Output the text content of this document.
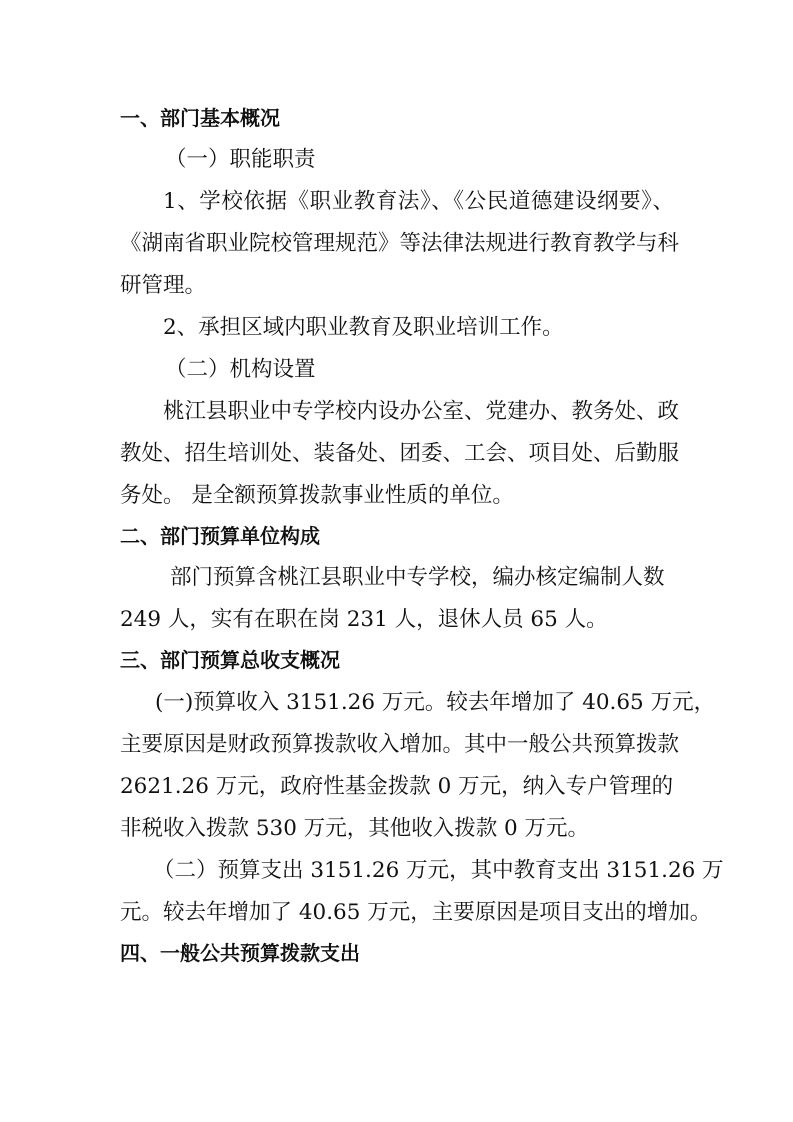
一、部门基本概况
（一）职能职责
1、学校依据《职业教育法》、《公民道德建设纲要》、
《湖南省职业院校管理规范》等法律法规进行教育教学与科
研管理。
2、承担区域内职业教育及职业培训工作。
（二）机构设置
桃江县职业中专学校内设办公室、党建办、教务处、政
教处、招生培训处、装备处、团委、工会、项目处、后勤服
务处。 是全额预算拨款事业性质的单位。
二、部门预算单位构成
部门预算含桃江县职业中专学校，编办核定编制人数
249 人，实有在职在岗 231 人，退休人员 65 人。
三、部门预算总收支概况
(一)预算收入 3151.26 万元。较去年增加了 40.65 万元，
主要原因是财政预算拨款收入增加。其中一般公共预算拨款
2621.26 万元，政府性基金拨款 0 万元，纳入专户管理的
非税收入拨款 530 万元，其他收入拨款 0 万元。
（二）预算支出 3151.26 万元，其中教育支出 3151.26 万
元。较去年增加了 40.65 万元，主要原因是项目支出的增加。
四、一般公共预算拨款支出
